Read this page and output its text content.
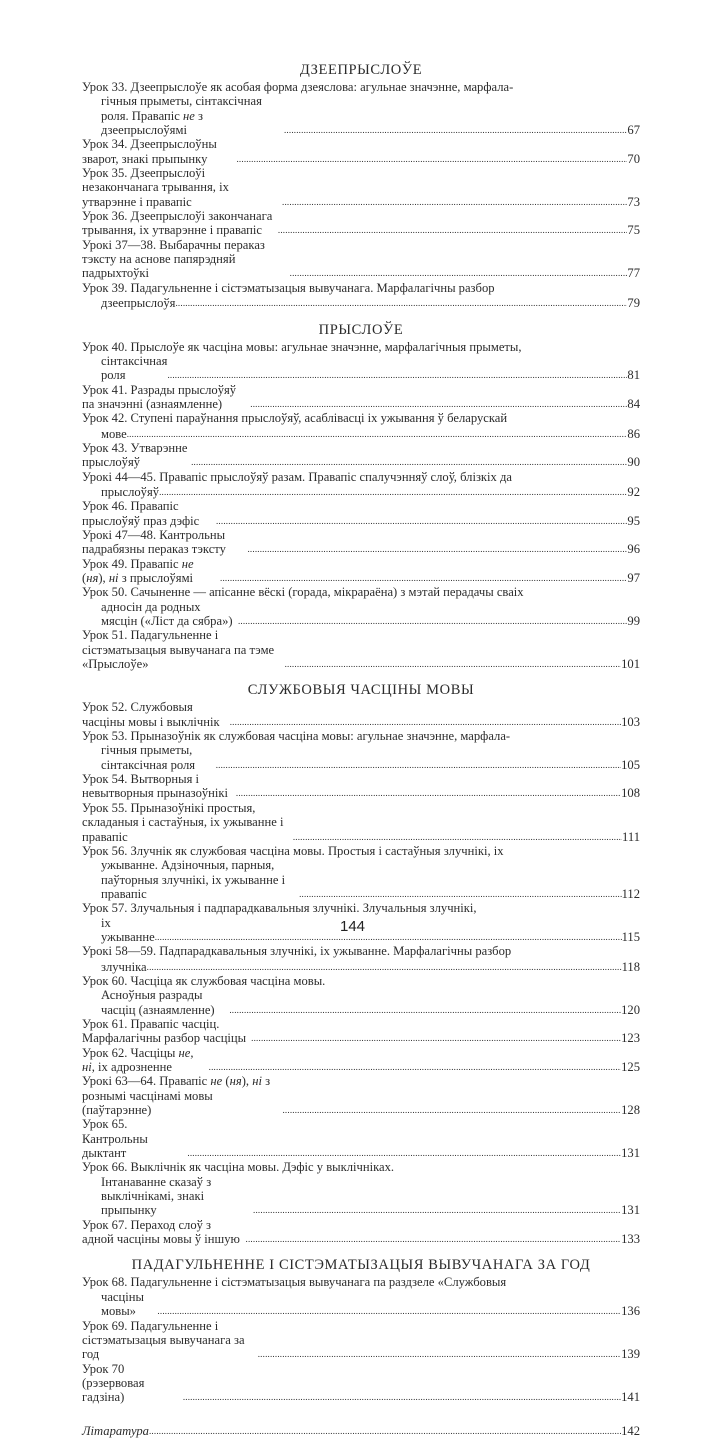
ДЗЕЕПРЫСЛОЎЕ
Урок 33. Дзеепрыслоўе як асобая форма дзеяслова: агульнае значэнне, марфала-
гічныя прыметы, сінтаксічная роля. Правапіс не з дзеепрыслоўямі .....	67
Урок 34. Дзеепрыслоўны зварот, знакі прыпынку .....	70
Урок 35. Дзеепрыслоўі незакончанага трывання, іх утварэнне і правапіс .....	73
Урок 36. Дзеепрыслоўі закончанага трывання, іх утварэнне і правапіс .....	75
Урокі 37—38. Выбарачны пераказ тэксту на аснове папярэдняй падрыхтоўкі .....	77
Урок 39. Падагульненне і сістэматызацыя вывучанага. Марфалагічны разбор
дзеепрыслоўя .....	79
ПРЫСЛОЎЕ
Урок 40. Прыслоўе як часціна мовы: агульнае значэнне, марфалагічныя прыметы,
сінтаксічная роля .....	81
Урок 41. Разрады прыслоўяў па значэнні (азнаямленне) .....	84
Урок 42. Ступені параўнання прыслоўяў, асаблівасці іх ужывання ў беларускай
мове .....	86
Урок 43. Утварэнне прыслоўяў .....	90
Урокі 44—45. Правапіс прыслоўяў разам. Правапіс спалучэнняў слоў, блізкіх да
прыслоўяў .....	92
Урок 46. Правапіс прыслоўяў праз дэфіс .....	95
Урокі 47—48. Кантрольны падрабязны пераказ тэксту .....	96
Урок 49. Правапіс не (ня), ні з прыслоўямі .....	97
Урок 50. Сачыненне — апісанне вёскі (горада, мікрараёна) з мэтай перадачы сваіх
адносін да родных мясцін («Ліст да сябра») .....	99
Урок 51. Падагульненне і сістэматызацыя вывучанага па тэме «Прыслоўе» .....	101
СЛУЖБОВЫЯ ЧАСЦІНЫ МОВЫ
Урок 52. Службовыя часціны мовы і выклічнік .....	103
Урок 53. Прыназоўнік як службовая часціна мовы: агульнае значэнне, марфала-
гічныя прыметы, сінтаксічная роля .....	105
Урок 54. Вытворныя і невытворныя прыназоўнікі .....	108
Урок 55. Прыназоўнікі простыя, складаныя і састаўныя, іх ужыванне і правапіс .....	111
Урок 56. Злучнік як службовая часціна мовы. Простыя і састаўныя злучнікі, іх
ужыванне. Адзіночныя, парныя, паўторныя злучнікі, іх ужыванне і правапіс .....	112
Урок 57. Злучальныя і падпарадкавальныя злучнікі. Злучальныя злучнікі,
іх ужыванне .....	115
Урокі 58—59. Падпарадкавальныя злучнікі, іх ужыванне. Марфалагічны разбор
злучніка .....	118
Урок 60. Часціца як службовая часціна мовы.
Асноўныя разрады часціц (азнаямленне) .....	120
Урок 61. Правапіс часціц. Марфалагічны разбор часціцы .....	123
Урок 62. Часціцы не, ні, іх адрозненне .....	125
Урокі 63—64. Правапіс не (ня), ні з рознымі часцінамі мовы (паўтарэнне) .....	128
Урок 65. Кантрольны дыктант .....	131
Урок 66. Выклічнік як часціна мовы. Дэфіс у выклічніках.
Інтанаванне сказаў з выклічнікамі, знакі прыпынку .....	131
Урок 67. Пераход слоў з адной часціны мовы ў іншую .....	133
ПАДАГУЛЬНЕННЕ І СІСТЭМАТЫЗАЦЫЯ ВЫВУЧАНАГА ЗА ГОД
Урок 68. Падагульненне і сістэматызацыя вывучанага па раздзеле «Службовыя
часціны мовы» .....	136
Урок 69. Падагульненне і сістэматызацыя вывучанага за год .....	139
Урок 70 (рэзервовая гадзіна) .....	141
Літаратура .....	142
144
